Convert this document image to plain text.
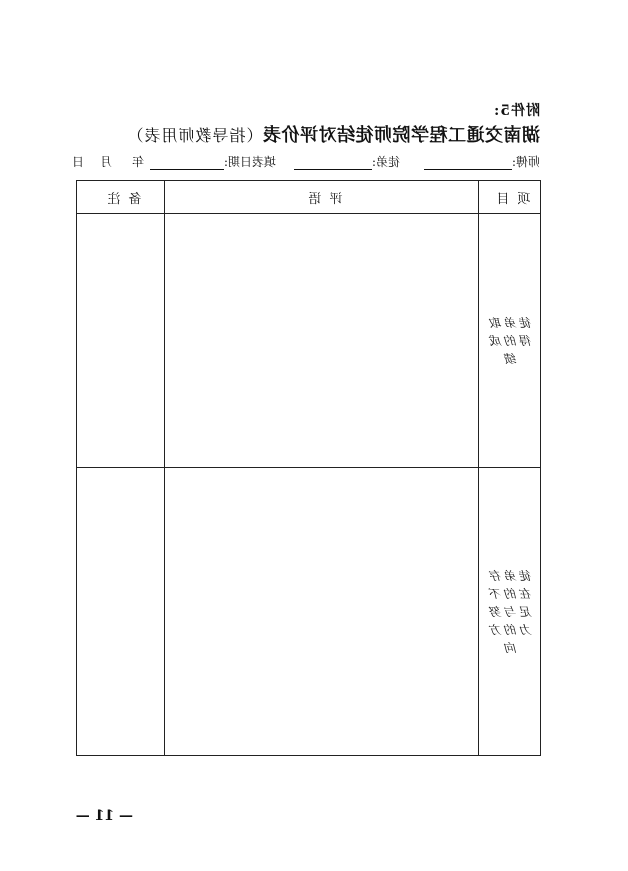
附件5:
湖南交通工程学院师徒结对评价表（指导教师用表）
师傅:
徒弟:
填表日期:
年
月
日
项目	评语	备注
徒弟取得的成绩		
徒弟存在的不足与努力的方向		
— 11 —
